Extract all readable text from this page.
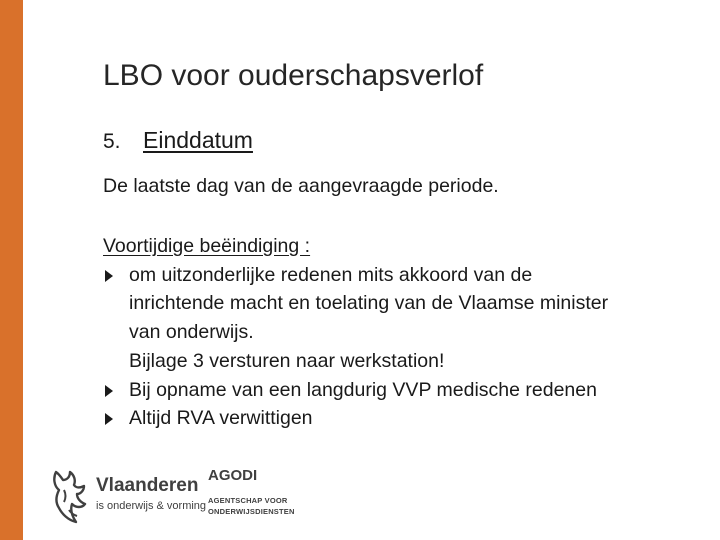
LBO voor ouderschapsverlof
5. Einddatum
De laatste dag van de aangevraagde periode.
Voortijdige beëindiging :
om uitzonderlijke redenen mits akkoord van de
inrichtende macht en toelating van de Vlaamse minister
van onderwijs.
Bijlage 3 versturen naar werkstation!
Bij opname van een langdurig VVP medische redenen
Altijd RVA verwittigen
Vlaanderen
is onderwijs & vorming
AGODI
AGENTSCHAP VOOR
ONDERWIJSDIENSTEN
